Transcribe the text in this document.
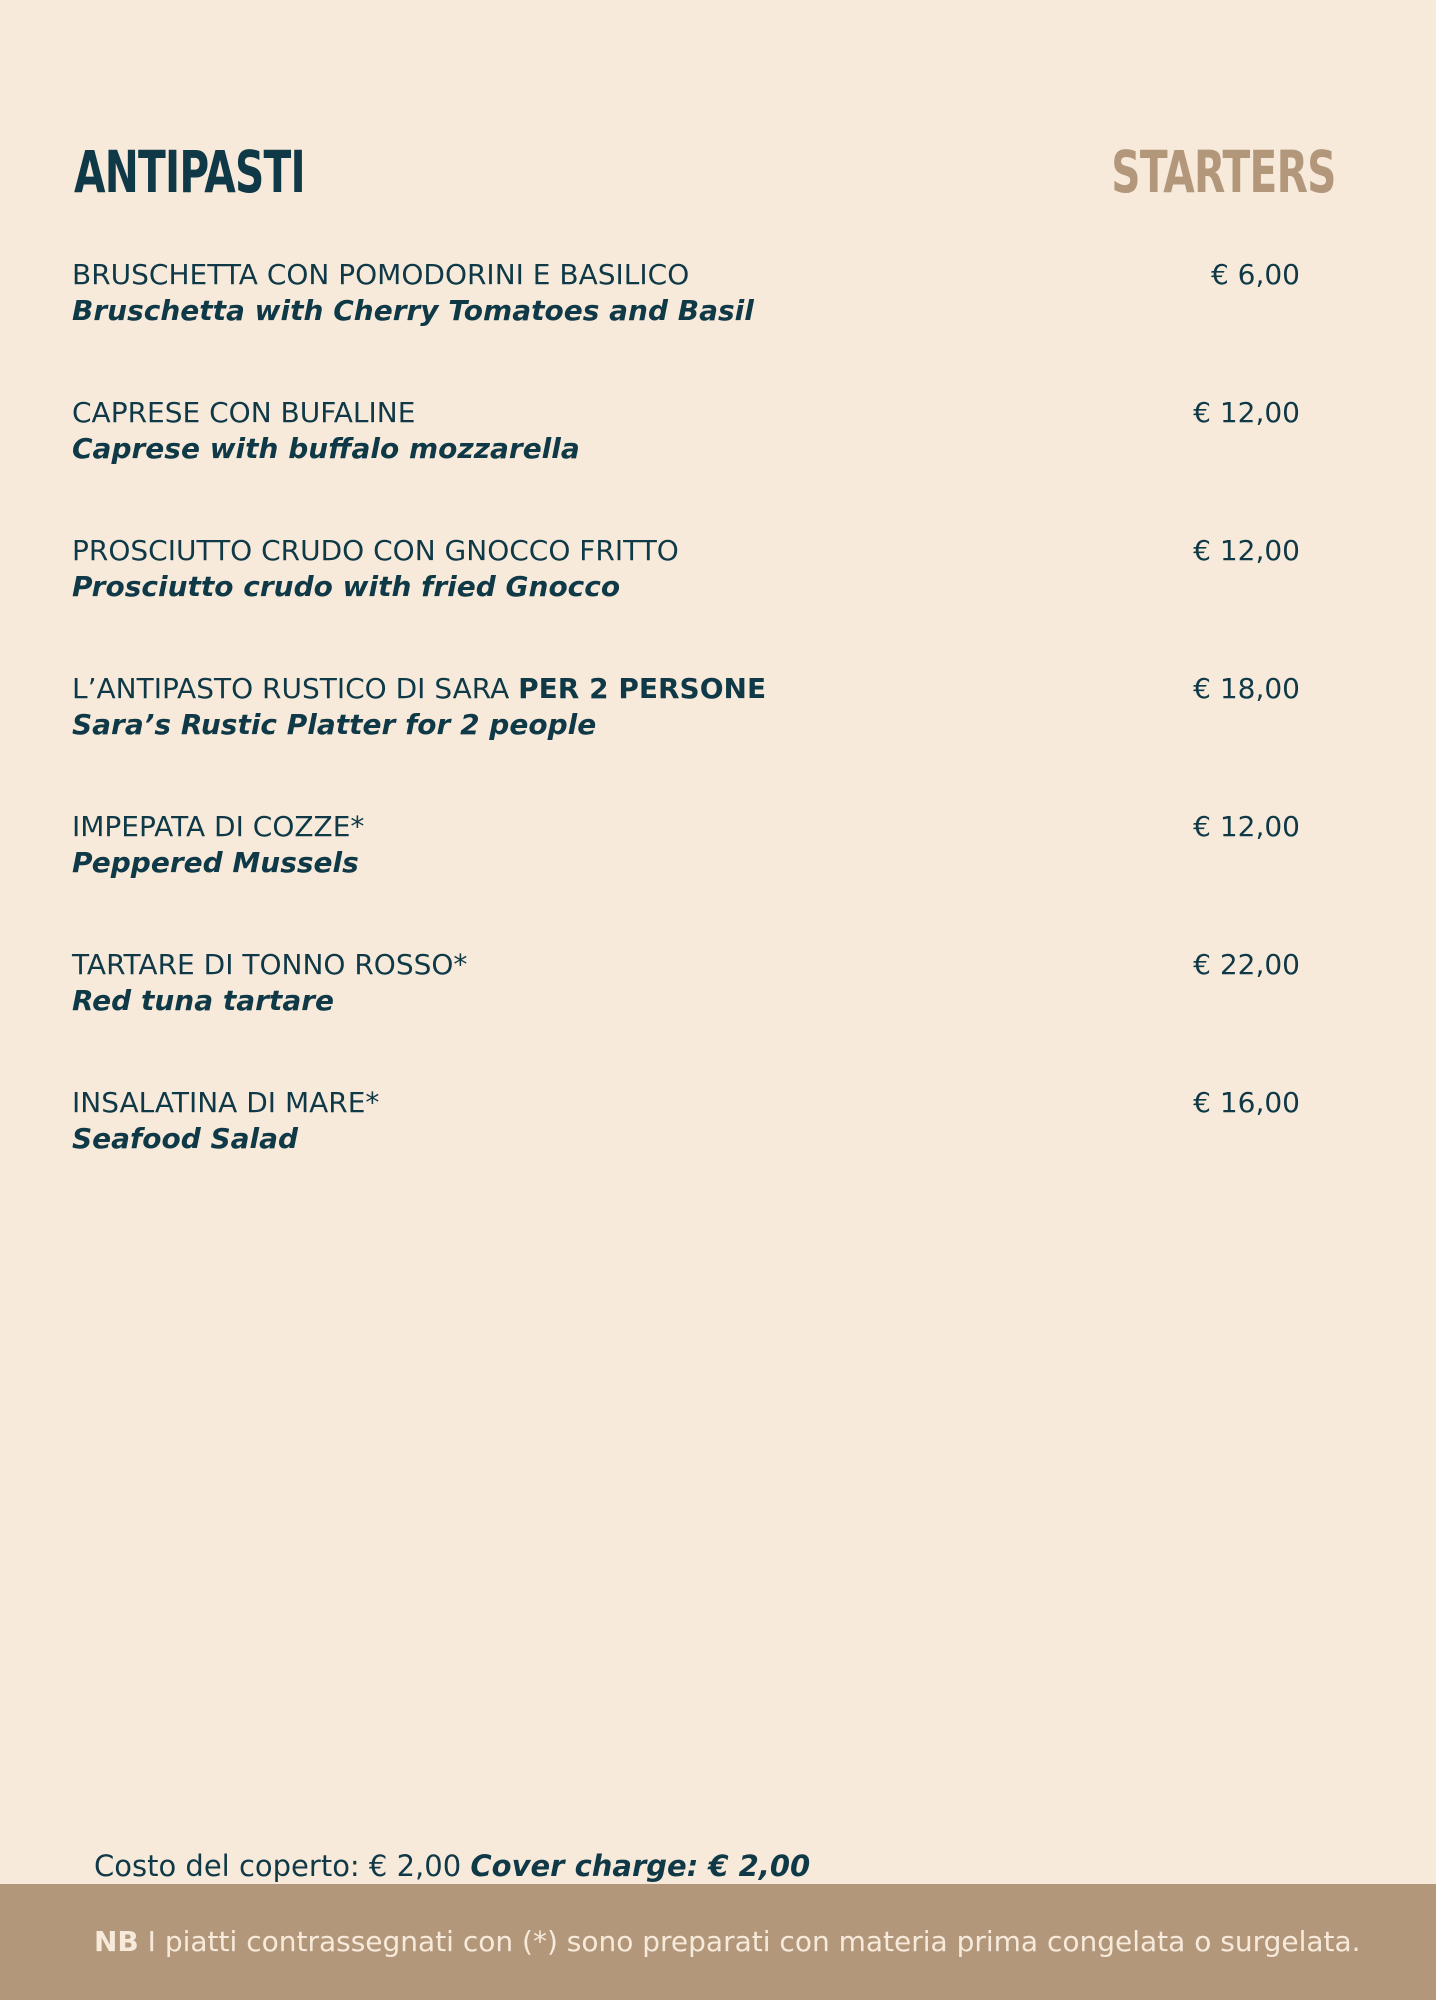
ANTIPASTI	STARTERS
BRUSCHETTA CON POMODORINI E BASILICO
Bruschetta with Cherry Tomatoes and Basil
€ 6,00
CAPRESE CON BUFALINE
Caprese with buffalo mozzarella
€ 12,00
PROSCIUTTO CRUDO CON GNOCCO FRITTO
Prosciutto crudo with fried Gnocco
€ 12,00
L’ANTIPASTO RUSTICO DI SARA PER 2 PERSONE
Sara’s Rustic Platter for 2 people
€ 18,00
IMPEPATA DI COZZE*
Peppered Mussels
€ 12,00
TARTARE DI TONNO ROSSO*
Red tuna tartare
€ 22,00
INSALATINA DI MARE*
Seafood Salad
€ 16,00
Costo del coperto: € 2,00 Cover charge: € 2,00
NB I piatti contrassegnati con (*) sono preparati con materia prima congelata o surgelata.
